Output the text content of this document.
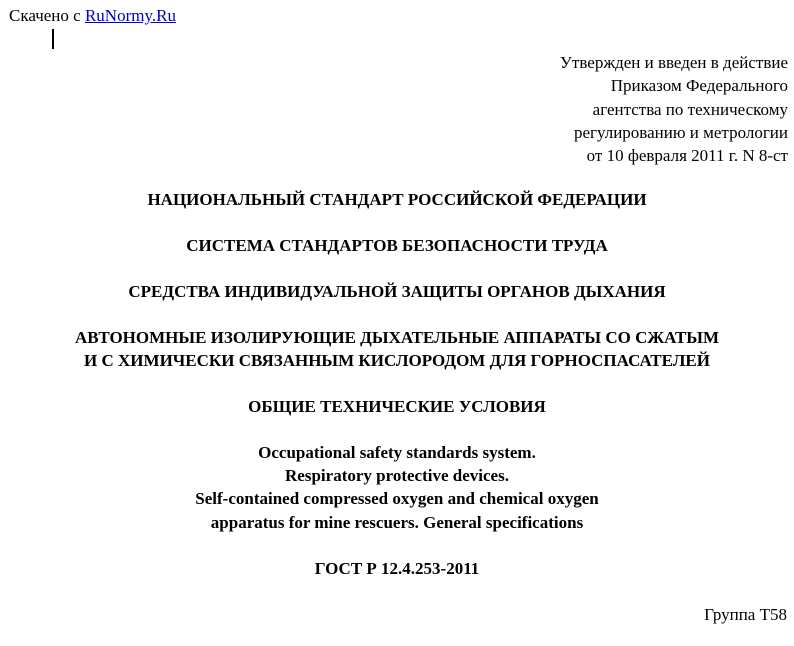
Скачено с RuNormy.Ru
Утвержден и введен в действие
Приказом Федерального
агентства по техническому
регулированию и метрологии
от 10 февраля 2011 г. N 8-ст
НАЦИОНАЛЬНЫЙ СТАНДАРТ РОССИЙСКОЙ ФЕДЕРАЦИИ
СИСТЕМА СТАНДАРТОВ БЕЗОПАСНОСТИ ТРУДА
СРЕДСТВА ИНДИВИДУАЛЬНОЙ ЗАЩИТЫ ОРГАНОВ ДЫХАНИЯ
АВТОНОМНЫЕ ИЗОЛИРУЮЩИЕ ДЫХАТЕЛЬНЫЕ АППАРАТЫ СО СЖАТЫМ
И С ХИМИЧЕСКИ СВЯЗАННЫМ КИСЛОРОДОМ ДЛЯ ГОРНОСПАСАТЕЛЕЙ
ОБЩИЕ ТЕХНИЧЕСКИЕ УСЛОВИЯ
Occupational safety standards system.
Respiratory protective devices.
Self-contained compressed oxygen and chemical oxygen
apparatus for mine rescuers. General specifications
ГОСТ Р 12.4.253-2011
Группа Т58
